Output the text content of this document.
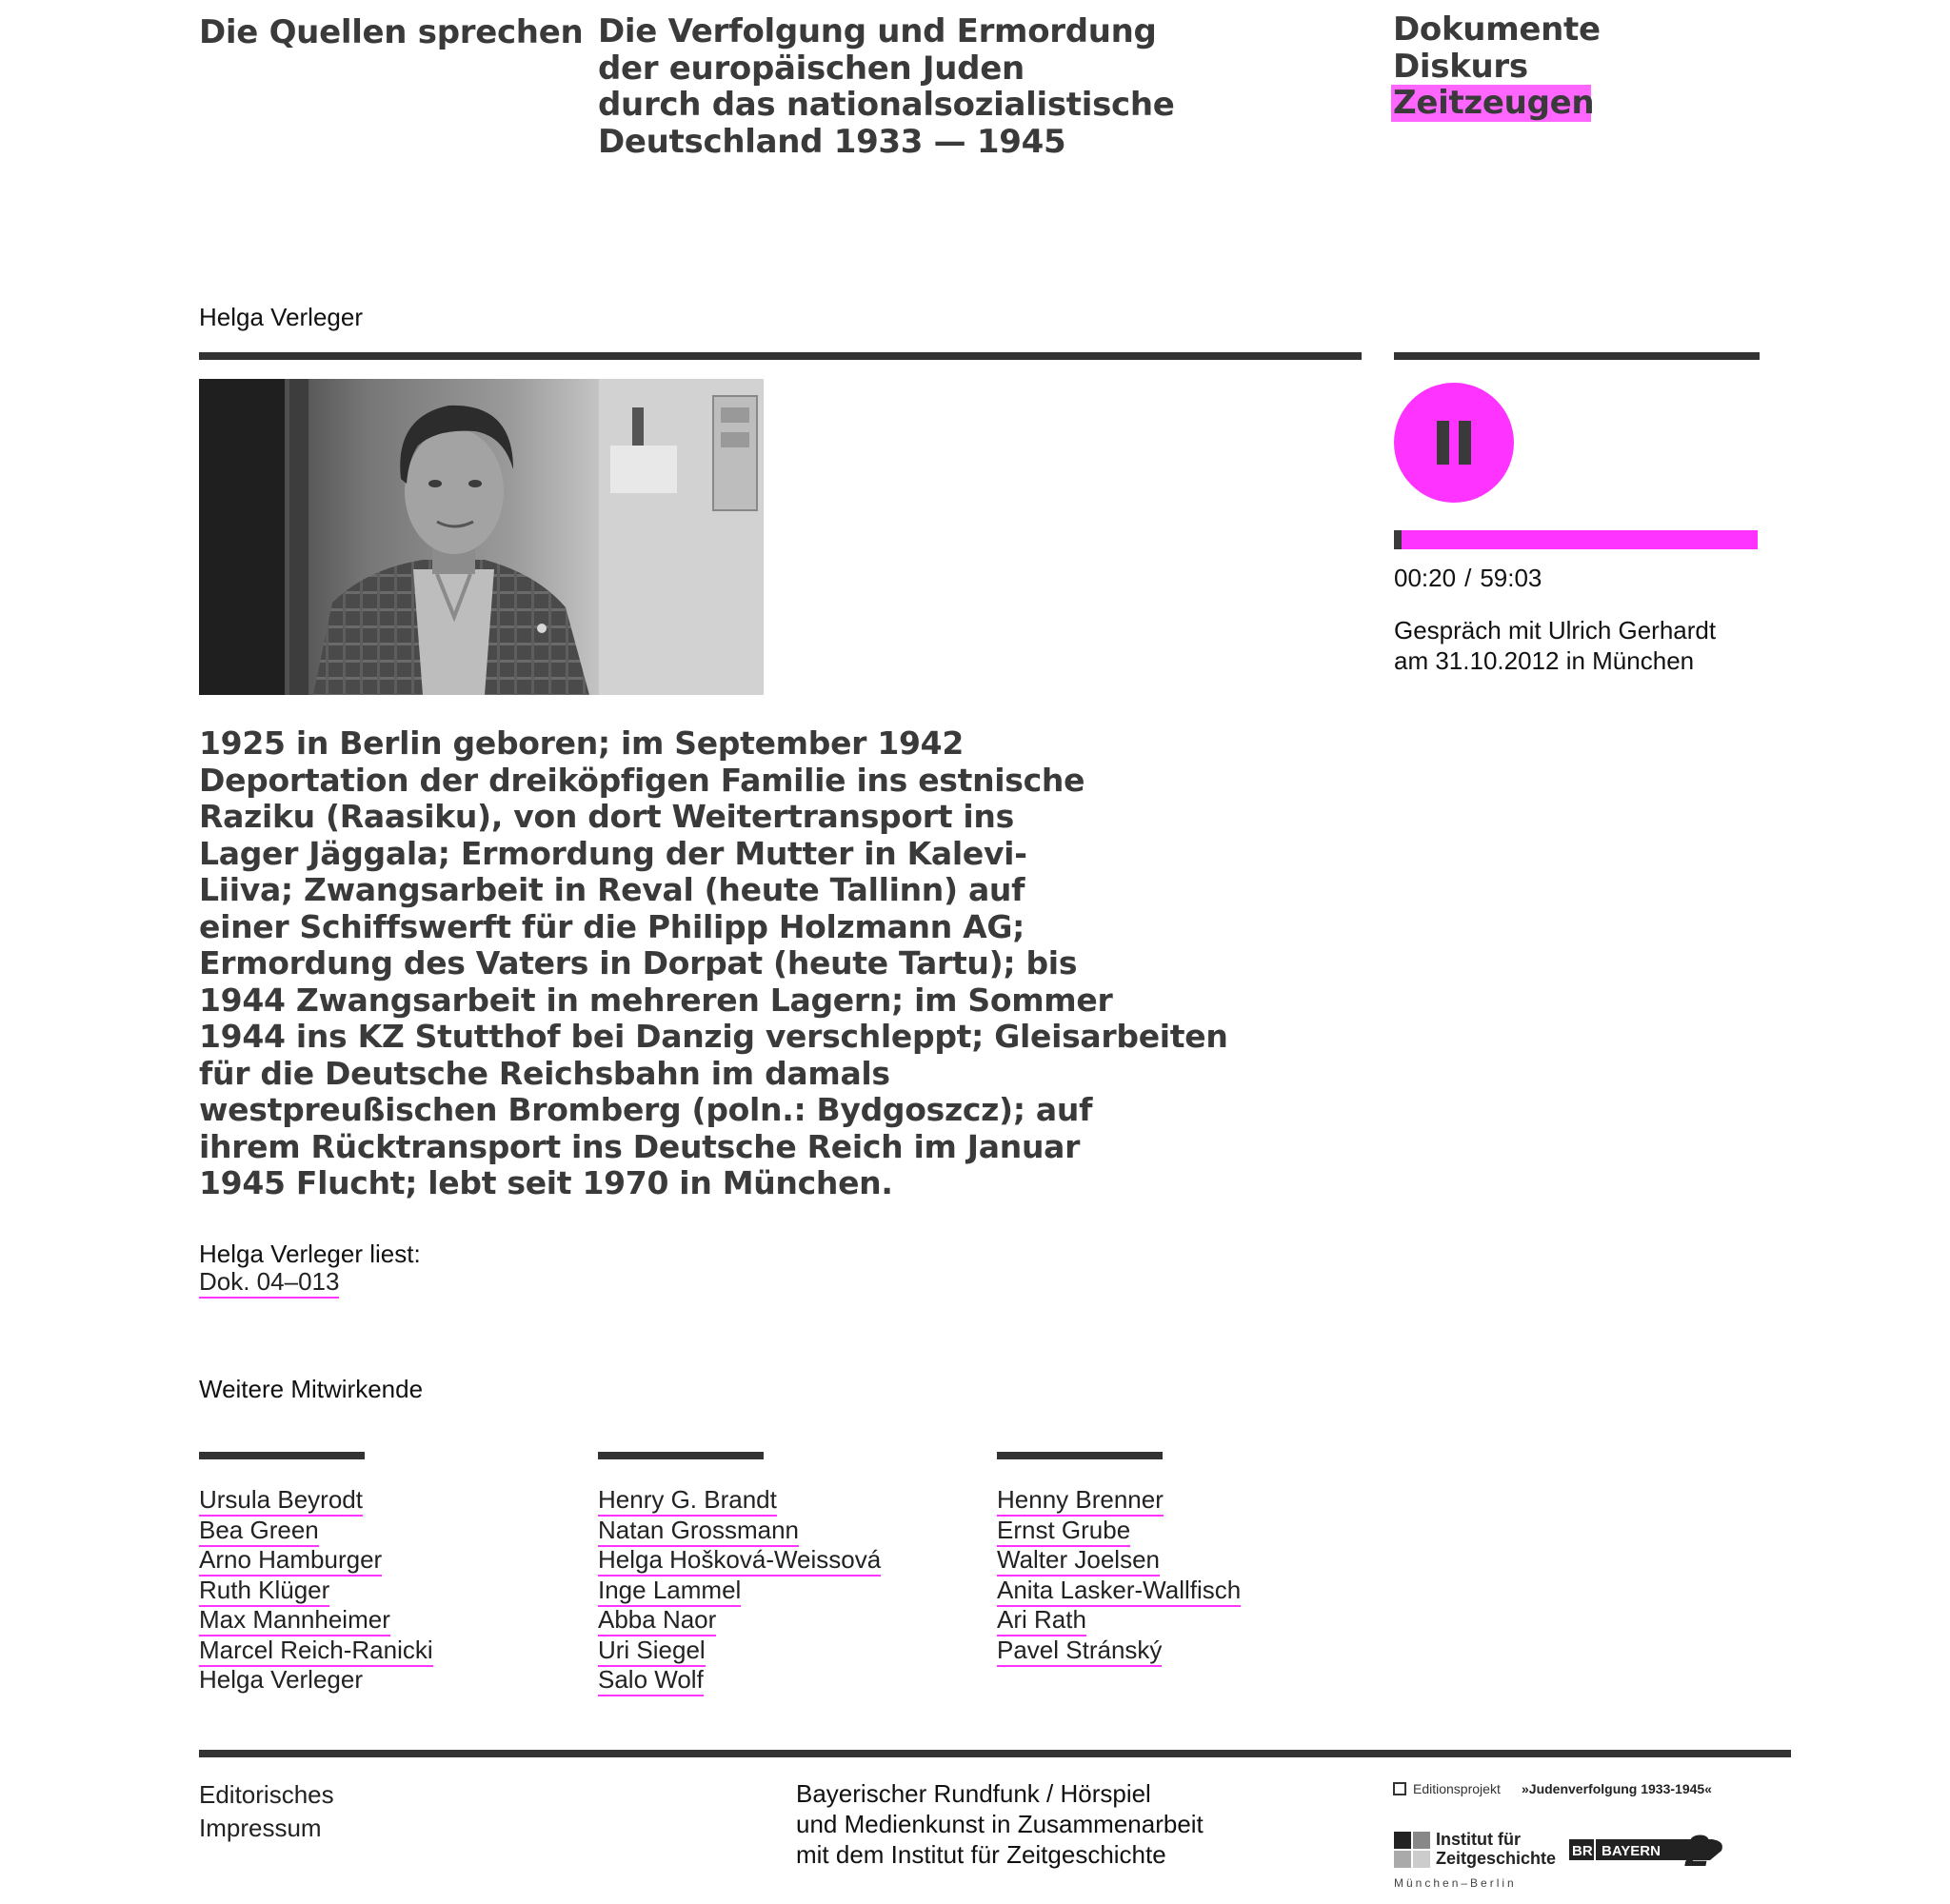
Die Quellen sprechen Die Verfolgung und Ermordung
der europäischen Juden
durch das nationalsozialistische
Deutschland 1933 — 1945
Dokumente
Diskurs
Zeitzeugen
Helga Verleger
00:20 / 59:03
Gespräch mit Ulrich Gerhardt
am 31.10.2012 in München
1925 in Berlin geboren; im September 1942
Deportation der dreiköpfigen Familie ins estnische
Raziku (Raasiku), von dort Weitertransport ins
Lager Jäggala; Ermordung der Mutter in Kalevi-
Liiva; Zwangsarbeit in Reval (heute Tallinn) auf
einer Schiffswerft für die Philipp Holzmann AG;
Ermordung des Vaters in Dorpat (heute Tartu); bis
1944 Zwangsarbeit in mehreren Lagern; im Sommer
1944 ins KZ Stutthof bei Danzig verschleppt; Gleisarbeiten
für die Deutsche Reichsbahn im damals
westpreußischen Bromberg (poln.: Bydgoszcz); auf
ihrem Rücktransport ins Deutsche Reich im Januar
1945 Flucht; lebt seit 1970 in München.
Helga Verleger liest:
Dok. 04–013
Weitere Mitwirkende
Ursula Beyrodt
Bea Green
Arno Hamburger
Ruth Klüger
Max Mannheimer
Marcel Reich-Ranicki
Helga Verleger
Henry G. Brandt
Natan Grossmann
Helga Hošková-Weissová
Inge Lammel
Abba Naor
Uri Siegel
Salo Wolf
Henny Brenner
Ernst Grube
Walter Joelsen
Anita Lasker-Wallfisch
Ari Rath
Pavel Stránský
Editorisches
Impressum
Bayerischer Rundfunk / Hörspiel
und Medienkunst in Zusammenarbeit
mit dem Institut für Zeitgeschichte
Editionsprojekt »Judenverfolgung 1933-1945«
Institut für
Zeitgeschichte
München–Berlin
BR BAYERN 2
